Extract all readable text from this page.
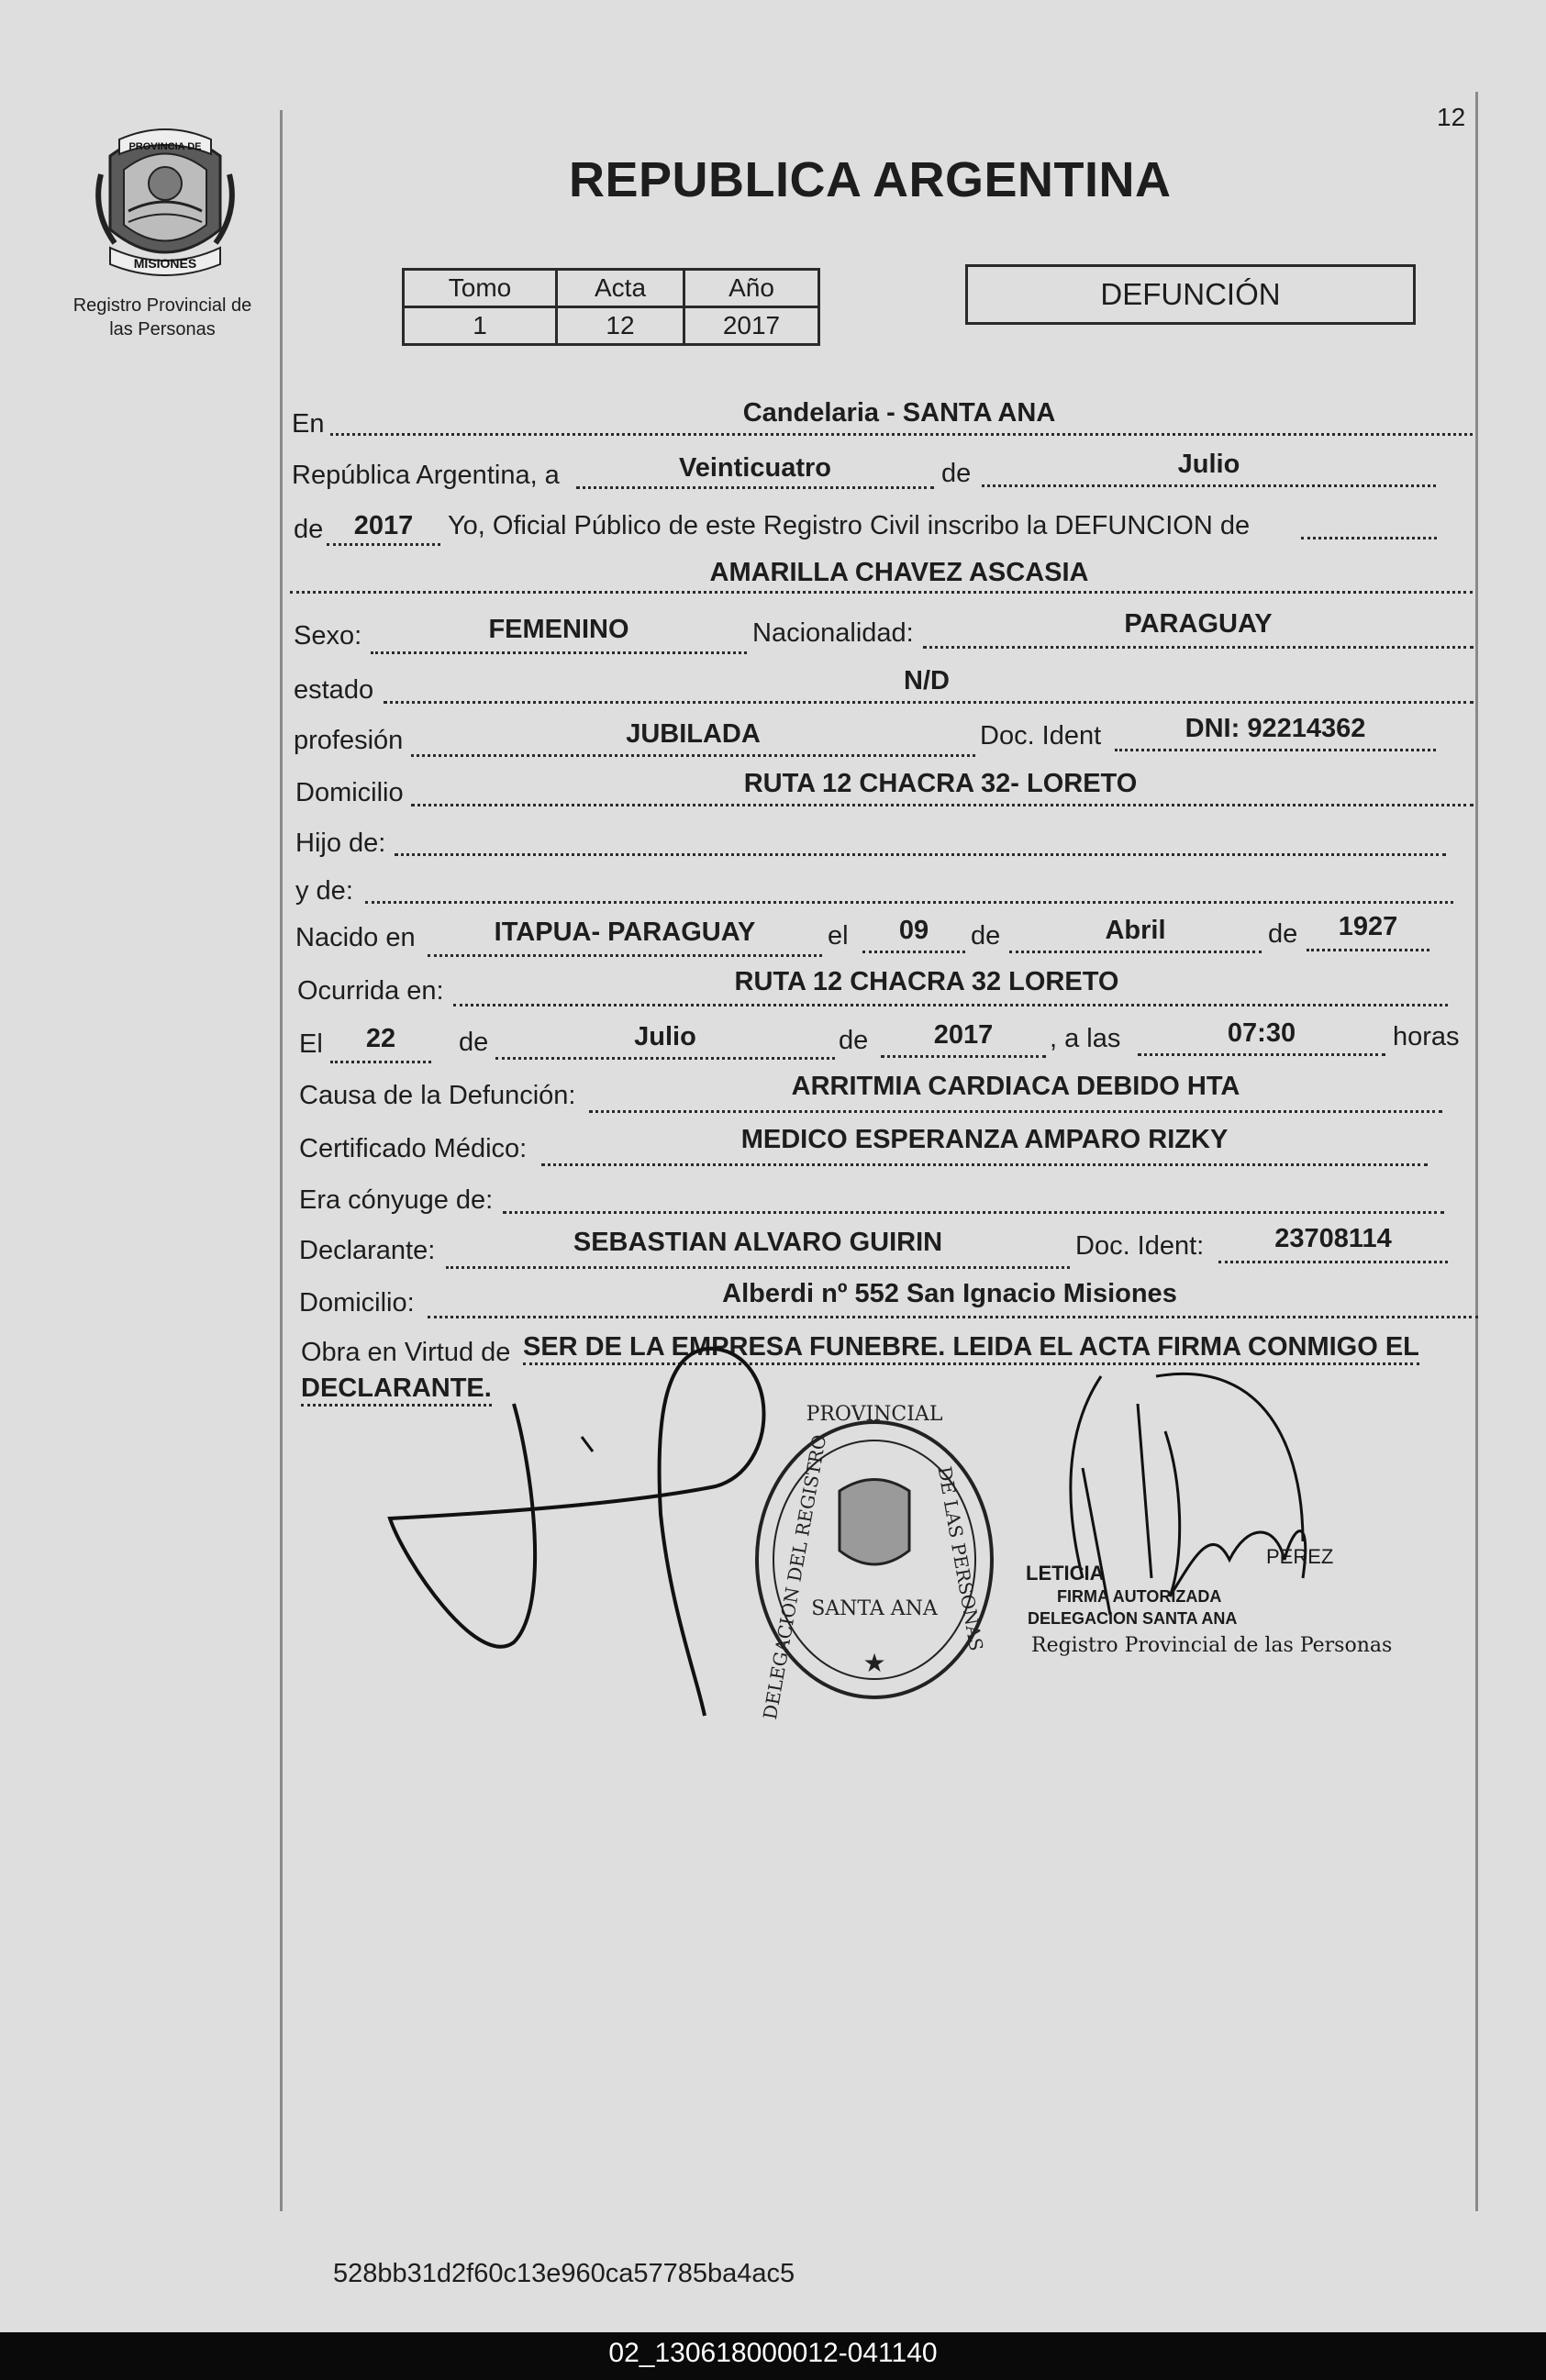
12
PROVINCIA DE
MISIONES
Registro Provincial de
las Personas
REPUBLICA ARGENTINA
Tomo	Acta	Año
1	12	2017
DEFUNCIÓN
En	Candelaria - SANTA ANA
República Argentina, a	Veinticuatro	de	Julio
de	2017	Yo, Oficial Público de este Registro Civil inscribo la DEFUNCION de
AMARILLA CHAVEZ ASCASIA
Sexo:	FEMENINO	Nacionalidad:	PARAGUAY
estado	N/D
profesión	JUBILADA	Doc. Ident	DNI: 92214362
Domicilio	RUTA 12 CHACRA 32- LORETO
Hijo de:
y de:
Nacido en	ITAPUA- PARAGUAY	el	09	de	Abril	de	1927
Ocurrida en:	RUTA 12 CHACRA 32 LORETO
El	22	de	Julio	de	2017	, a las	07:30	horas
Causa de la Defunción:	ARRITMIA CARDIACA DEBIDO HTA
Certificado Médico:	MEDICO ESPERANZA AMPARO RIZKY
Era cónyuge de:
Declarante:	SEBASTIAN ALVARO GUIRIN	Doc. Ident:	23708114
Domicilio:	Alberdi nº 552 San Ignacio Misiones
Obra en Virtud de SER DE LA EMPRESA FUNEBRE. LEIDA EL ACTA FIRMA CONMIGO EL
DECLARANTE.
PROVINCIAL
DELEGACION DEL REGISTRO	DE LAS PERSONAS
SANTA ANA
★
LETICIA
PEREZ
FIRMA AUTORIZADA
DELEGACION SANTA ANA
Registro Provincial de las Personas
528bb31d2f60c13e960ca57785ba4ac5
02_130618000012-041140
